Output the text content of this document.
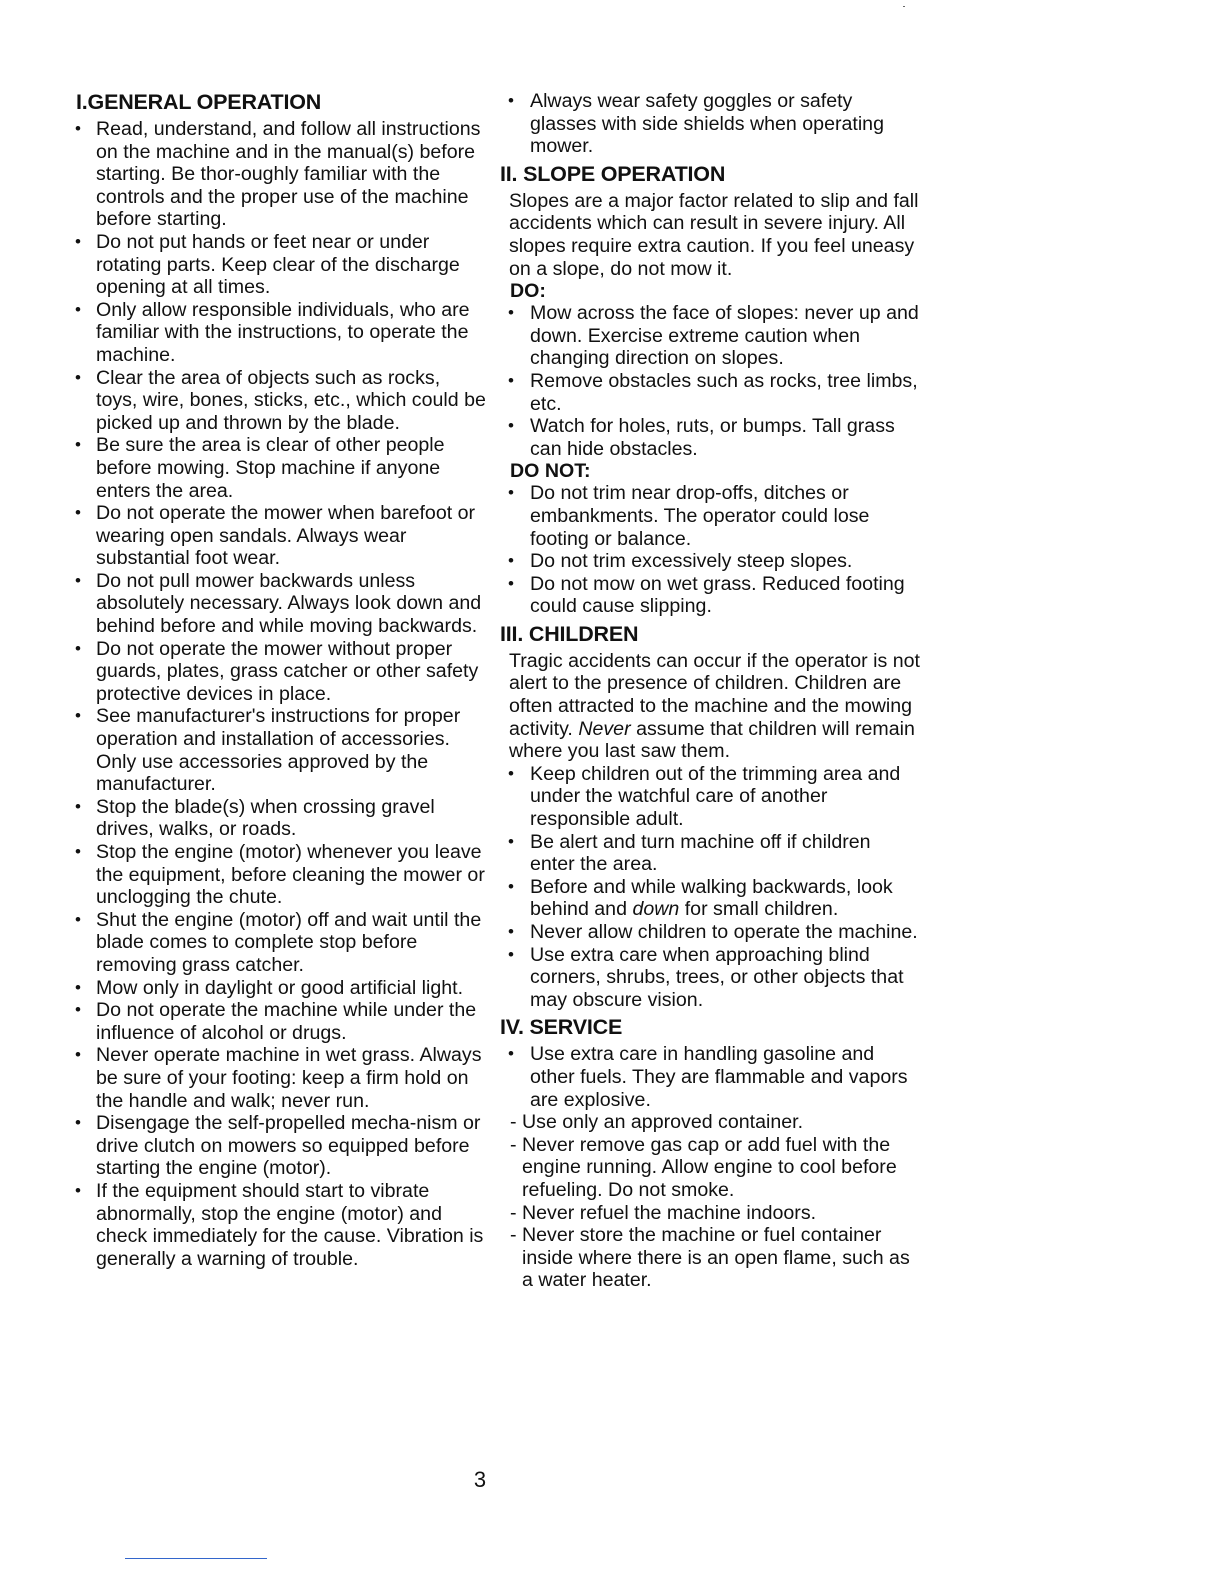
I.GENERAL OPERATION
• Read, understand, and follow all instructions on the machine and in the manual(s) before starting. Be thor-oughly familiar with the controls and the proper use of the machine before starting.
• Do not put hands or feet near or under rotating parts. Keep clear of the discharge opening at all times.
• Only allow responsible individuals, who are familiar with the instructions, to operate the machine.
• Clear the area of objects such as rocks, toys, wire, bones, sticks, etc., which could be picked up and thrown by the blade.
• Be sure the area is clear of other people before mowing. Stop machine if anyone enters the area.
• Do not operate the mower when barefoot or wearing open sandals. Always wear substantial foot wear.
• Do not pull mower backwards unless absolutely necessary. Always look down and behind before and while moving backwards.
• Do not operate the mower without proper guards, plates, grass catcher or other safety protective devices in place.
• See manufacturer's instructions for proper operation and installation of accessories. Only use accessories approved by the manufacturer.
• Stop the blade(s) when crossing gravel drives, walks, or roads.
• Stop the engine (motor) whenever you leave the equipment, before cleaning the mower or unclogging the chute.
• Shut the engine (motor) off and wait until the blade comes to complete stop before removing grass catcher.
• Mow only in daylight or good artificial light.
• Do not operate the machine while under the influence of alcohol or drugs.
• Never operate machine in wet grass. Always be sure of your footing: keep a firm hold on the handle and walk; never run.
• Disengage the self-propelled mecha-nism or drive clutch on mowers so equipped before starting the engine (motor).
• If the equipment should start to vibrate abnormally, stop the engine (motor) and check immediately for the cause. Vibration is generally a warning of trouble.
• Always wear safety goggles or safety glasses with side shields when operating mower.
II. SLOPE OPERATION

Slopes are a major factor related to slip and fall accidents which can result in severe injury. All slopes require extra caution. If you feel uneasy on a slope, do not mow it.

DO:
• Mow across the face of slopes: never up and down. Exercise extreme caution when changing direction on slopes.
• Remove obstacles such as rocks, tree limbs, etc.
• Watch for holes, ruts, or bumps. Tall grass can hide obstacles.
DO NOT:
• Do not trim near drop-offs, ditches or embankments. The operator could lose footing or balance.
• Do not trim excessively steep slopes.
• Do not mow on wet grass. Reduced footing could cause slipping.
III. CHILDREN

Tragic accidents can occur if the operator is not alert to the presence of children. Children are often attracted to the machine and the mowing activity. Never assume that children will remain where you last saw them.

• Keep children out of the trimming area and under the watchful care of another responsible adult.
• Be alert and turn machine off if children enter the area.
• Before and while walking backwards, look behind and down for small children.
• Never allow children to operate the machine.
• Use extra care when approaching blind corners, shrubs, trees, or other objects that may obscure vision.
IV. SERVICE
• Use extra care in handling gasoline and other fuels. They are flammable and vapors are explosive.
- Use only an approved container.
- Never remove gas cap or add fuel with the engine running. Allow engine to cool before refueling. Do not smoke.
- Never refuel the machine indoors.
- Never store the machine or fuel container inside where there is an open flame, such as a water heater.
3
